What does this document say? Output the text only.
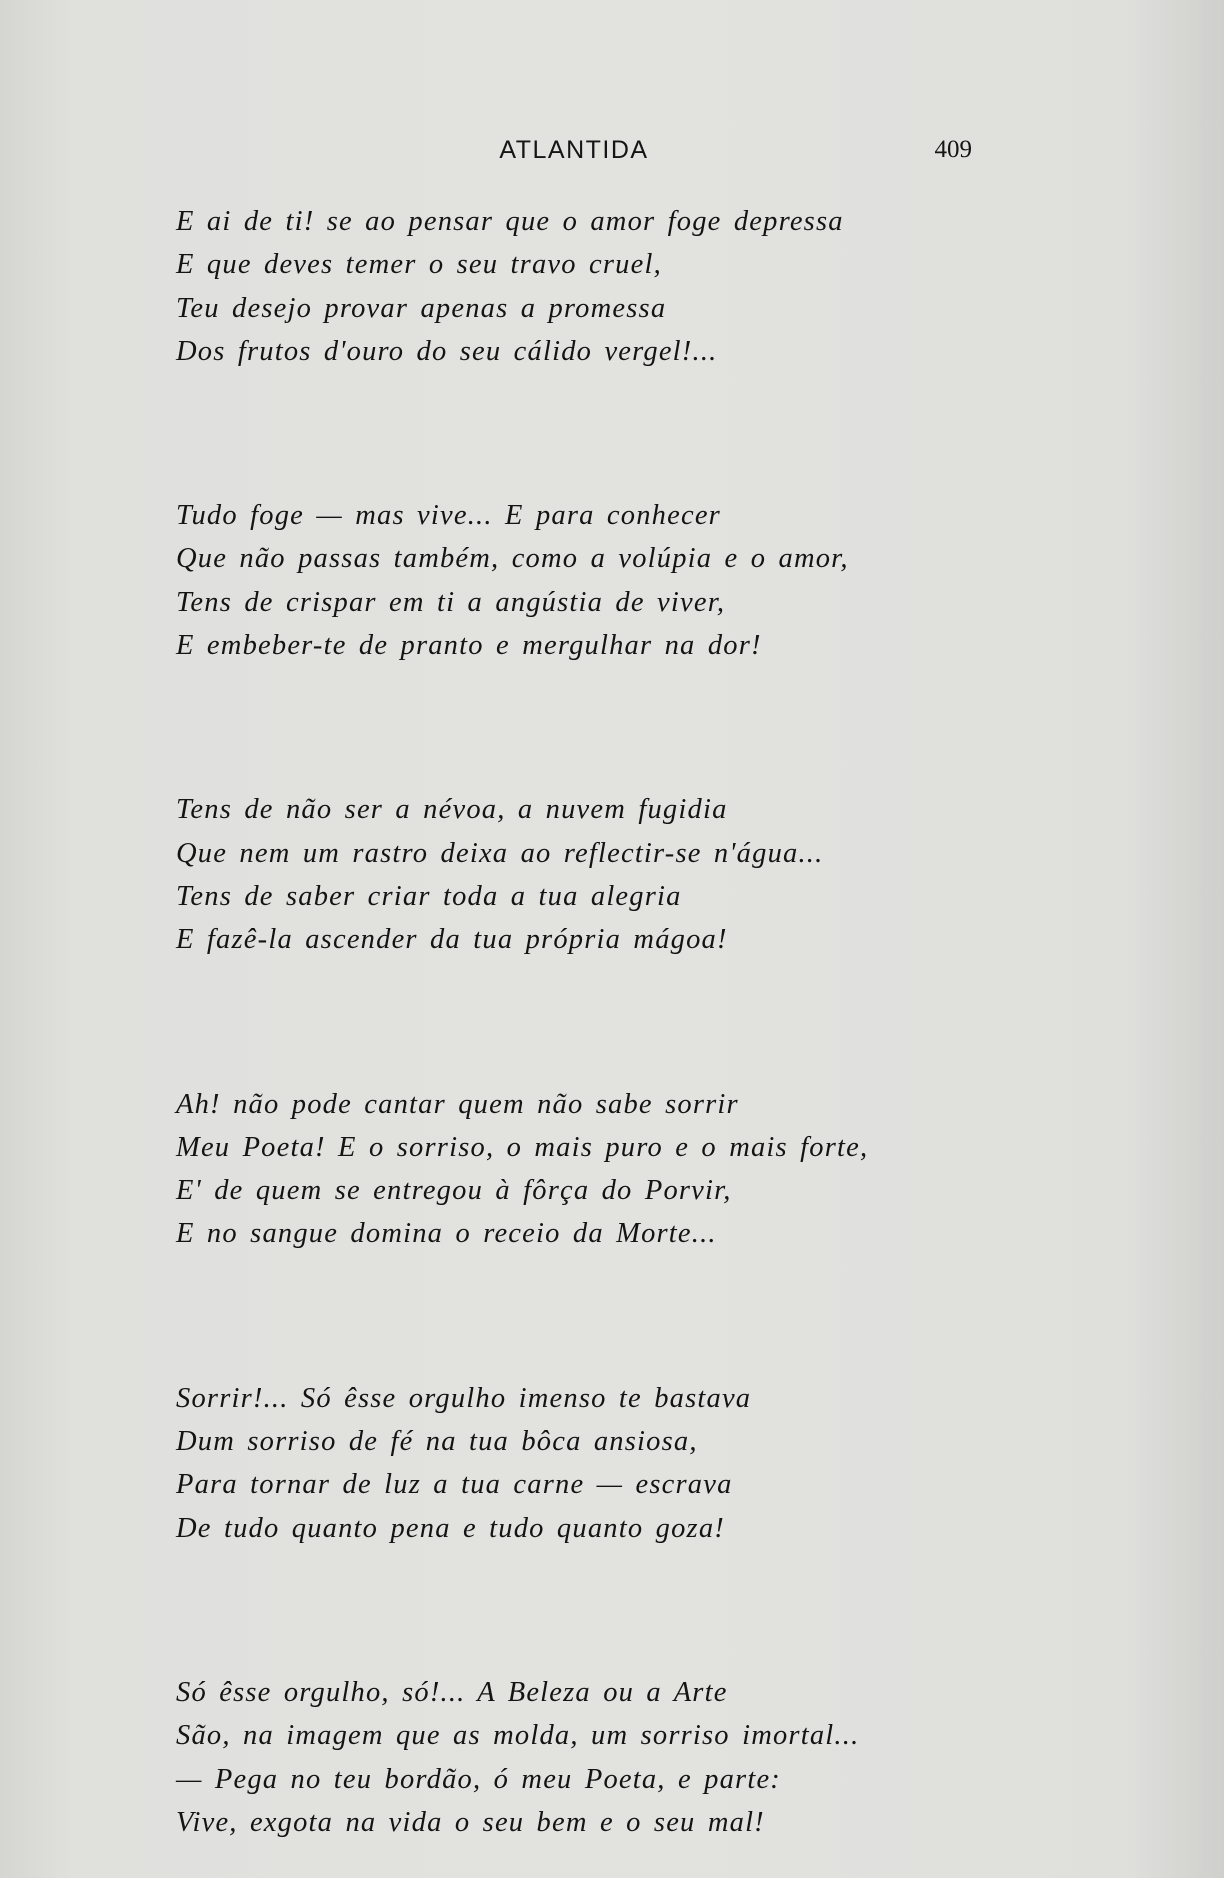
ATLANTIDA	409
E ai de ti! se ao pensar que o amor foge depressa
E que deves temer o seu travo cruel,
Teu desejo provar apenas a promessa
Dos frutos d'ouro do seu cálido vergel!...
Tudo foge — mas vive... E para conhecer
Que não passas também, como a volúpia e o amor,
Tens de crispar em ti a angústia de viver,
E embeber-te de pranto e mergulhar na dor!
Tens de não ser a névoa, a nuvem fugidia
Que nem um rastro deixa ao reflectir-se n'água...
Tens de saber criar toda a tua alegria
E fazê-la ascender da tua própria mágoa!
Ah! não pode cantar quem não sabe sorrir
Meu Poeta! E o sorriso, o mais puro e o mais forte,
E' de quem se entregou à fôrça do Porvir,
E no sangue domina o receio da Morte...
Sorrir!... Só êsse orgulho imenso te bastava
Dum sorriso de fé na tua bôca ansiosa,
Para tornar de luz a tua carne — escrava
De tudo quanto pena e tudo quanto goza!
Só êsse orgulho, só!... A Beleza ou a Arte
São, na imagem que as molda, um sorriso imortal...
— Pega no teu bordão, ó meu Poeta, e parte:
Vive, exgota na vida o seu bem e o seu mal!
